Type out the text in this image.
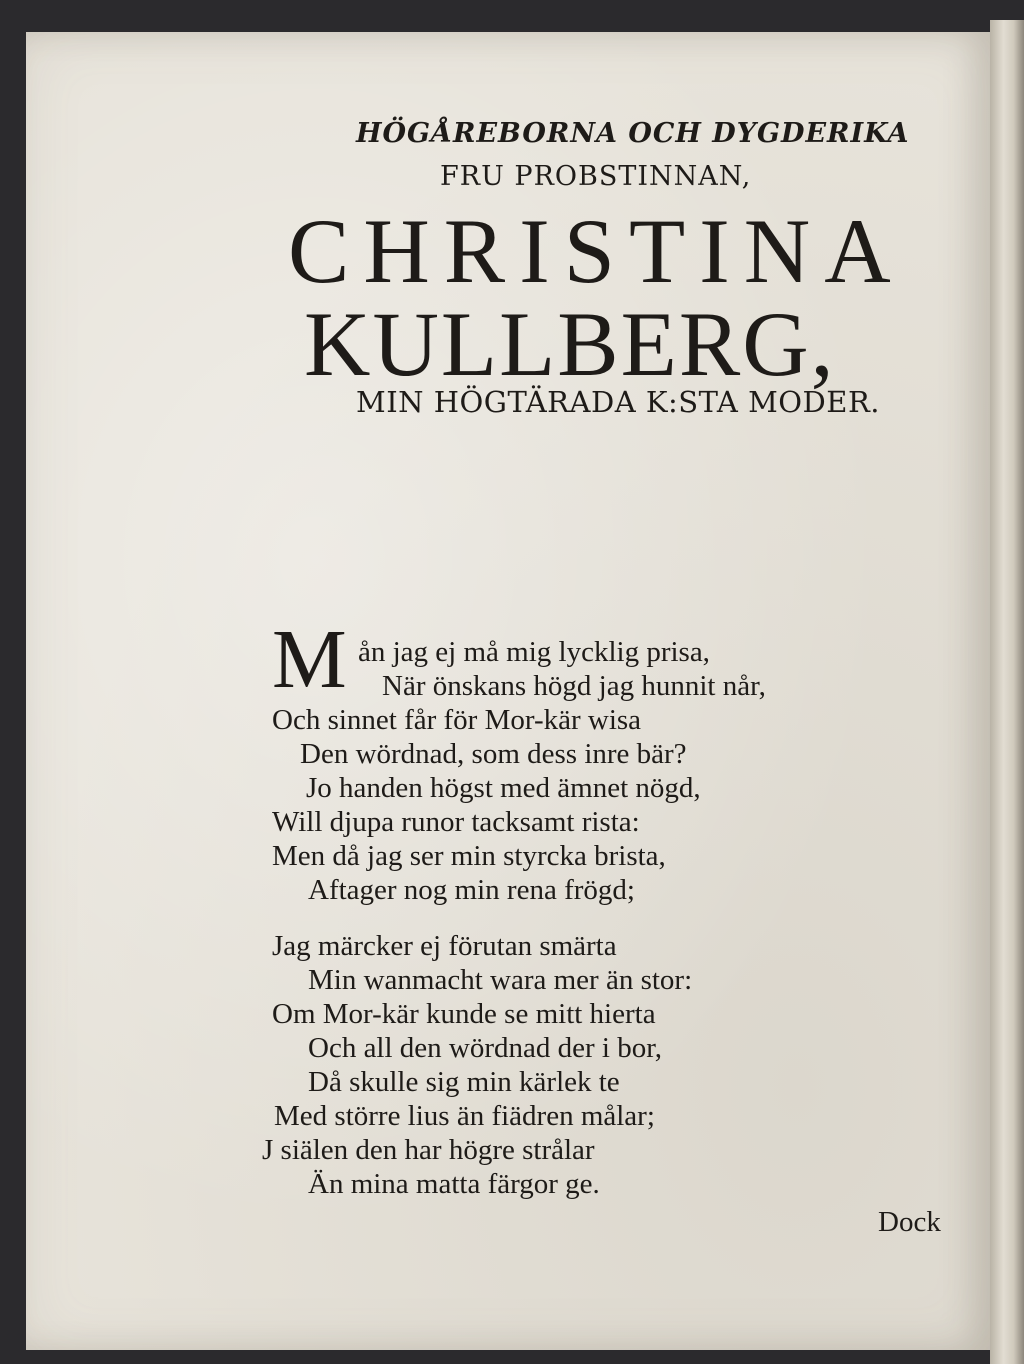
HÖGÅREBORNA OCH DYGDERIKA
FRU PROBSTINNAN,
CHRISTINA
KULLBERG,
MIN HÖGTÄRADA K:STA MODER.
M ån jag ej må mig lycklig prisa,
När önskans högd jag hunnit når,
Och sinnet får för Mor-kär wisa
Den wördnad, som dess inre bär?
Jo handen högst med ämnet nögd,
Will djupa runor tacksamt rista:
Men då jag ser min styrcka brista,
Aftager nog min rena frögd;
Jag märcker ej förutan smärta
Min wanmacht wara mer än stor:
Om Mor-kär kunde se mitt hierta
Och all den wördnad der i bor,
Då skulle sig min kärlek te
Med större lius än fiädren målar;
J siälen den har högre strålar
Än mina matta färgor ge.
Dock
